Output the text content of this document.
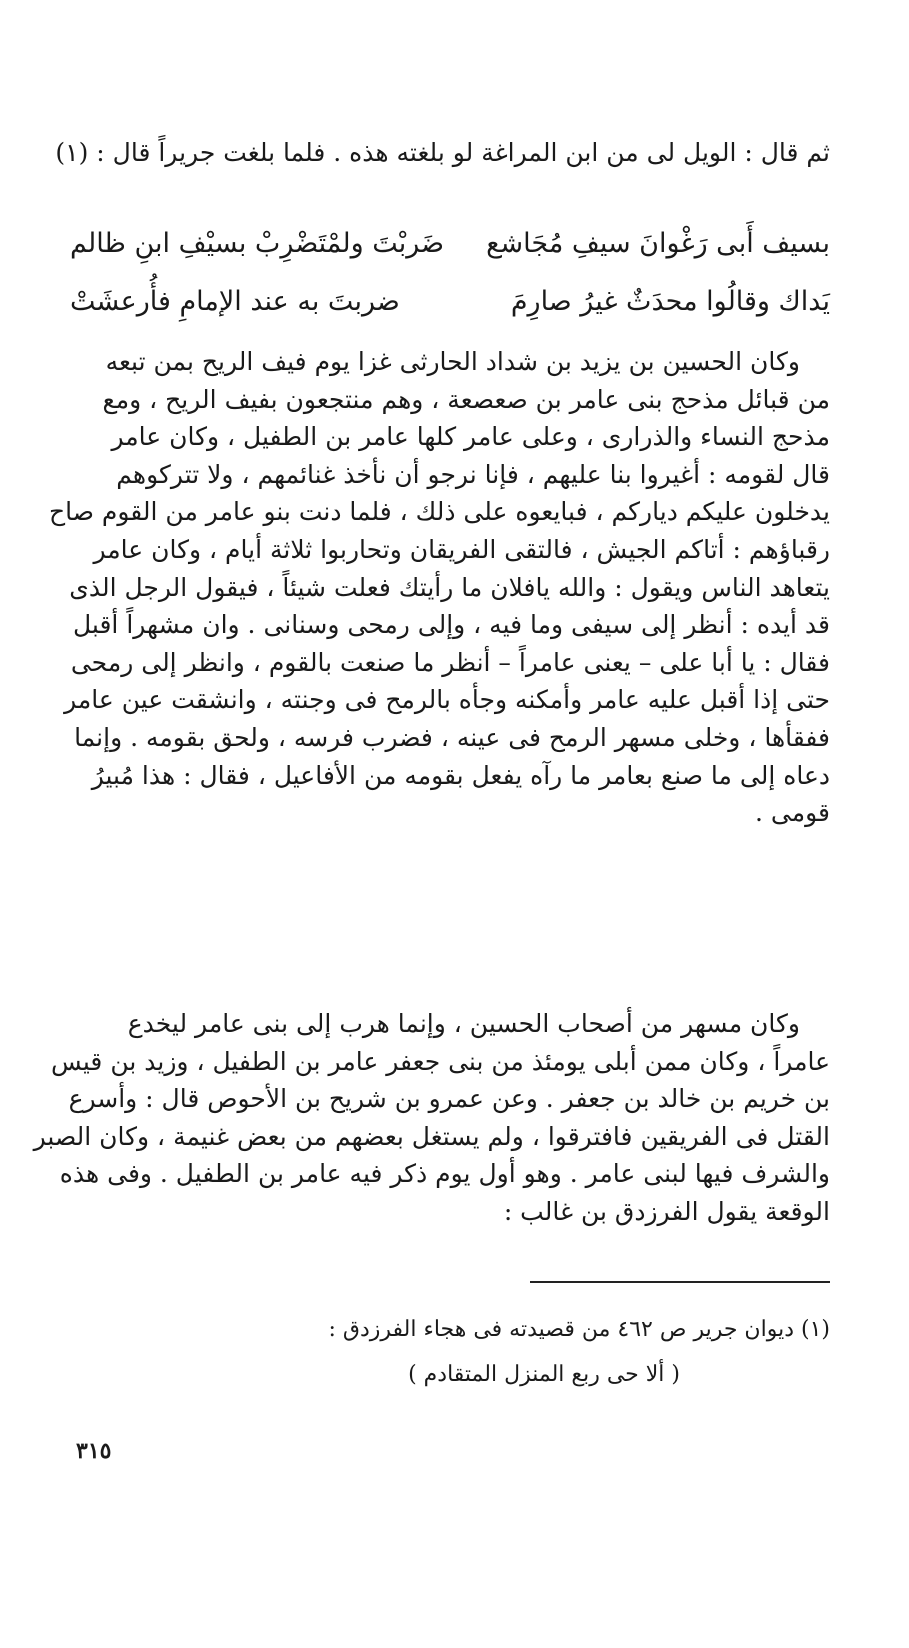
ثم قال : الويل لى من ابن المراغة لو بلغته هذه . فلما بلغت جريراً قال : (١)
بسيف أَبى رَغْوانَ سيفِ مُجَاشع
ضَربْتَ ولمْتَضْرِبْ بسيْفِ ابنِ ظالم
يَداك وقالُوا محدَثٌ غيرُ صارِمَ
ضربتَ به عند الإمامِ فأُرعشَتْ

وكان الحسين بن يزيد بن شداد الحارثى غزا يوم فيف الريح بمن تبعه

من قبائل مذحج بنى عامر بن صعصعة ، وهم منتجعون بفيف الريح ، ومع

مذحج النساء والذرارى ، وعلى عامر كلها عامر بن الطفيل ، وكان عامر

قال لقومه : أغيروا بنا عليهم ، فإنا نرجو أن نأخذ غنائمهم ، ولا تتركوهم

يدخلون عليكم دياركم ، فبايعوه على ذلك ، فلما دنت بنو عامر من القوم صاح

رقباؤهم : أتاكم الجيش ، فالتقى الفريقان وتحاربوا ثلاثة أيام ، وكان عامر

يتعاهد الناس ويقول : والله يافلان ما رأيتك فعلت شيئاً ، فيقول الرجل الذى

قد أيده : أنظر إلى سيفى وما فيه ، وإلى رمحى وسنانى . وان مشهراً أقبل

فقال : يا أبا على – يعنى عامراً – أنظر ما صنعت بالقوم ، وانظر إلى رمحى

حتى إذا أقبل عليه عامر وأمكنه وجأه بالرمح فى وجنته ، وانشقت عين عامر

ففقأها ، وخلى مسهر الرمح فى عينه ، فضرب فرسه ، ولحق بقومه . وإنما

دعاه إلى ما صنع بعامر ما رآه يفعل بقومه من الأفاعيل ، فقال : هذا مُبيرُ

قومى .

وكان مسهر من أصحاب الحسين ، وإنما هرب إلى بنى عامر ليخدع

عامراً ، وكان ممن أبلى يومئذ من بنى جعفر عامر بن الطفيل ، وزيد بن قيس

بن خريم بن خالد بن جعفر . وعن عمرو بن شريح بن الأحوص قال : وأسرع

القتل فى الفريقين فافترقوا ، ولم يستغل بعضهم من بعض غنيمة ، وكان الصبر

والشرف فيها لبنى عامر . وهو أول يوم ذكر فيه عامر بن الطفيل . وفى هذه

الوقعة يقول الفرزدق بن غالب :

(١) ديوان جرير ص ٤٦٢ من قصيدته فى هجاء الفرزدق :
( ألا حى ربع المنزل المتقادم )
٣١٥
